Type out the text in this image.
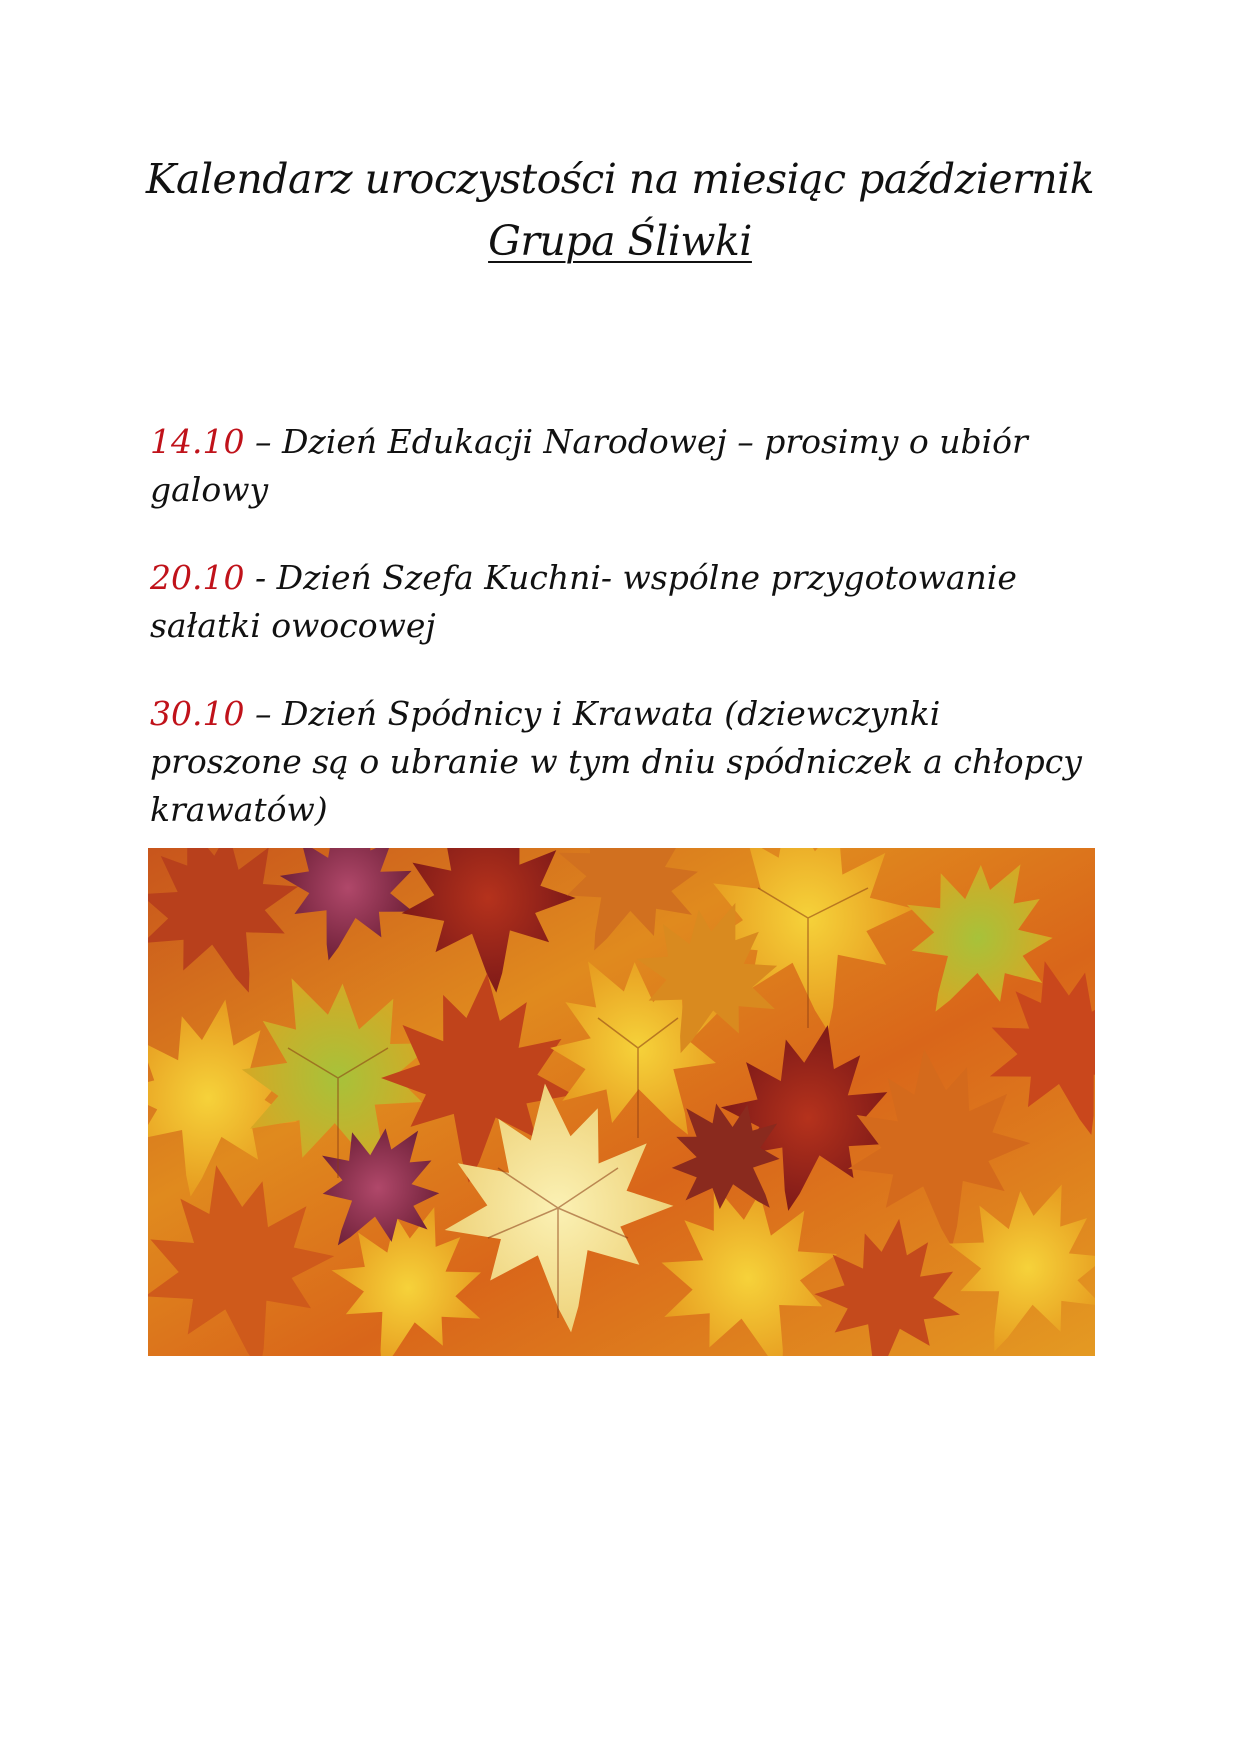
Kalendarz uroczystości na miesiąc październik
Grupa Śliwki

14.10 – Dzień Edukacji Narodowej – prosimy o ubiór galowy

20.10 - Dzień Szefa Kuchni- wspólne przygotowanie sałatki owocowej

30.10 – Dzień Spódnicy i Krawata (dziewczynki proszone są o ubranie w tym dniu spódniczek a chłopcy krawatów)
